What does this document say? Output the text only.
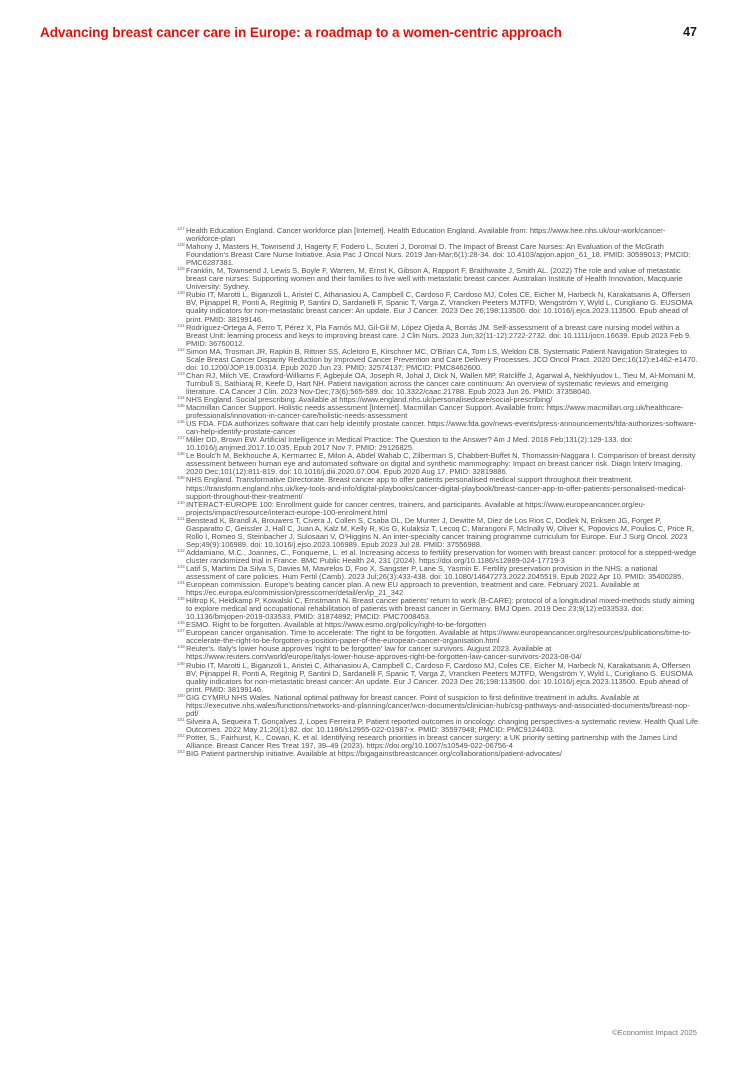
Advancing breast cancer care in Europe: a roadmap to a women-centric approach	47
127 Health Education England. Cancer workforce plan [Internet]. Health Education England. Available from: https://www.hee.nhs.uk/our-work/cancer-workforce-plan
128 Mahony J, Masters H, Townsend J, Hagerty F, Fodero L, Scuteri J, Doromal D. The Impact of Breast Care Nurses: An Evaluation of the McGrath Foundation's Breast Care Nurse Initiative. Asia Pac J Oncol Nurs. 2019 Jan-Mar;6(1):28-34. doi: 10.4103/apjon.apjon_61_18. PMID: 30599013; PMCID: PMC6287381.
129 Franklin, M, Townsend J, Lewis S, Boyle F, Warren, M, Ernst K, Gibson A, Rapport F, Braithwaite J, Smith AL. (2022) The role and value of metastatic breast care nurses: Supporting women and their families to live well with metastatic breast cancer. Australian Institute of Health Innovation, Macquarie University: Sydney.
130 Rubio IT, Marotti L, Biganzoli L, Aristei C, Athanasiou A, Campbell C, Cardoso F, Cardoso MJ, Coles CE, Eicher M, Harbeck N, Karakatsanis A, Offersen BV, Pijnappel R, Ponti A, Regitnig P, Santini D, Sardanelli F, Spanic T, Varga Z, Vrancken Peeters MJTFD, Wengström Y, Wyld L, Curigliano G. EUSOMA quality indicators for non-metastatic breast cancer: An update. Eur J Cancer. 2023 Dec 26;198:113500. doi: 10.1016/j.ejca.2023.113500. Epub ahead of print. PMID: 38199146.
131 Rodríguez-Ortega A, Ferro T, Pérez X, Pla Farnós MJ, Gil-Gil M, López Ojeda A, Borrás JM. Self-assessment of a breast care nursing model within a Breast Unit: learning process and keys to improving breast care. J Clin Nurs. 2023 Jun;32(11-12):2722-2732. doi: 10.1111/jocn.16639. Epub 2023 Feb 9. PMID: 36760012.
132 Simon MA, Trosman JR, Rapkin B, Rittner SS, Acletoro E, Kirschner MC, O'Brian CA, Tom LS, Weldon CB. Systematic Patient Navigation Strategies to Scale Breast Cancer Disparity Reduction by Improved Cancer Prevention and Care Delivery Processes. JCO Oncol Pract. 2020 Dec;16(12):e1462-e1470. doi: 10.1200/JOP.19.00314. Epub 2020 Jun 23. PMID: 32574137; PMCID: PMC8462600.
133 Chan RJ, Milch VE, Crawford-Williams F, Agbejule OA, Joseph R, Johal J, Dick N, Wallen MP, Ratcliffe J, Agarwal A, Nekhlyudov L, Tieu M, Al-Momani M, Turnbull S, Sathiaraj R, Keefe D, Hart NH. Patient navigation across the cancer care continuum: An overview of systematic reviews and emerging literature. CA Cancer J Clin. 2023 Nov-Dec;73(6):565-589. doi: 10.3322/caac.21788. Epub 2023 Jun 26. PMID: 37358040.
134 NHS England. Social prescribing. Available at https://www.england.nhs.uk/personalisedcare/social-prescribing/
135 Macmillan Cancer Support. Holistic needs assessment [Internet]. Macmillan Cancer Support. Available from: https://www.macmillan.org.uk/healthcare-professionals/innovation-in-cancer-care/holistic-needs-assessment
136 US FDA. FDA authorizes software that can help identify prostate cancer. https://www.fda.gov/news-events/press-announcements/fda-authorizes-software-can-help-identify-prostate-cancer
137 Miller DD, Brown EW. Artificial Intelligence in Medical Practice: The Question to the Answer? Am J Med. 2018 Feb;131(2):129-133. doi: 10.1016/j.amjmed.2017.10.035. Epub 2017 Nov 7. PMID: 29126825.
138 Le Boulc'h M, Bekhouche A, Kermarrec E, Milon A, Abdel Wahab C, Zilberman S, Chabbert-Buffet N, Thomassin-Naggara I. Comparison of breast density assessment between human eye and automated software on digital and synthetic mammography: Impact on breast cancer risk. Diagn Interv Imaging. 2020 Dec;101(12):811-819. doi: 10.1016/j.diii.2020.07.004. Epub 2020 Aug 17. PMID: 32819886.
139 NHS England. Transformative Directorate. Breast cancer app to offer patients personalised medical support throughout their treatment. https://transform.england.nhs.uk/key-tools-and-info/digital-playbooks/cancer-digital-playbook/breast-cancer-app-to-offer-patients-personalised-medical-support-throughout-their-treatment/
140 INTERACT-EUROPE 100: Enrollment guide for cancer centres, trainers, and participants. Available at https://www.europeancancer.org/eu-projects/impact/resource/interact-europe-100-enrolment.html
141 Benstead K, Brandl A, Brouwers T, Civera J, Collen S, Csaba DL, De Munter J, Dewitte M, Diez de Los Rios C, Dodlek N, Eriksen JG, Forget P, Gasparatto C, Geissler J, Hall C, Juan A, Kalz M, Kelly R, Kis G, Kulaksiz T, Lecoq C, Marangoni F, McInally W, Oliver K, Popovics M, Poulios C, Price R, Rollo I, Romeo S, Steinbacher J, Sulosaari V, O'Higgins N. An inter-specialty cancer training programme curriculum for Europe. Eur J Surg Oncol. 2023 Sep;49(9):106989. doi: 10.1016/j.ejso.2023.106989. Epub 2023 Jul 28. PMID: 37556988.
142 Addamiano, M.C., Joannes, C., Fonquerne, L. et al. Increasing access to fertility preservation for women with breast cancer: protocol for a stepped-wedge cluster randomized trial in France. BMC Public Health 24, 231 (2024). https://doi.org/10.1186/s12889-024-17719-3
143 Latif S, Martins Da Silva S, Davies M, Mavrelos D, Foo X, Sangster P, Lane S, Yasmin E. Fertility preservation provision in the NHS: a national assessment of care policies. Hum Fertil (Camb). 2023 Jul;26(3):433-438. doi: 10.1080/14647273.2022.2045519. Epub 2022 Apr 10. PMID: 35400285.
144 European commission. Europe's beating cancer plan. A new EU approach to prevention, treatment and care. February 2021. Available at https://ec.europa.eu/commission/presscorner/detail/en/ip_21_342
145 Hiltrop K, Heidkamp P, Kowalski C, Ernstmann N. Breast cancer patients' return to work (B-CARE): protocol of a longitudinal mixed-methods study aiming to explore medical and occupational rehabilitation of patients with breast cancer in Germany. BMJ Open. 2019 Dec 23;9(12):e033533. doi: 10.1136/bmjopen-2019-033533. PMID: 31874892; PMCID: PMC7008453.
146 ESMO. Right to be forgotten. Available at https://www.esmo.org/policy/right-to-be-forgotten
147 European cancer organisation. Time to accelerate: The right to be forgotten. Available at https://www.europeancancer.org/resources/publications/time-to-accelerate-the-right-to-be-forgotten-a-position-paper-of-the-european-cancer-organisation.html
148 Reuter's. Italy's lower house approves 'right to be forgotten' law for cancer survivors. August 2023. Available at https://www.reuters.com/world/europe/italys-lower-house-approves-right-be-forgotten-law-cancer-survivors-2023-08-04/
149 Rubio IT, Marotti L, Biganzoli L, Aristei C, Athanasiou A, Campbell C, Cardoso F, Cardoso MJ, Coles CE, Eicher M, Harbeck N, Karakatsanis A, Offersen BV, Pijnappel R, Ponti A, Regitnig P, Santini D, Sardanelli F, Spanic T, Varga Z, Vrancken Peeters MJTFD, Wengström Y, Wyld L, Curigliano G. EUSOMA quality indicators for non-metastatic breast cancer: An update. Eur J Cancer. 2023 Dec 26;198:113500. doi: 10.1016/j.ejca.2023.113500. Epub ahead of print. PMID: 38199146.
150 GIG CYMRU NHS Wales. National optimal pathway for breast cancer. Point of suspicion to first definitive treatment in adults. Available at https://executive.nhs.wales/functions/networks-and-planning/cancer/wcn-documents/clinician-hub/csg-pathways-and-associated-documents/breast-nop-pdf/
151 Silveira A, Sequeira T, Gonçalves J, Lopes Ferreira P. Patient reported outcomes in oncology: changing perspectives-a systematic review. Health Qual Life Outcomes. 2022 May 21;20(1):82. doi: 10.1186/s12955-022-01987-x. PMID: 35597948; PMCID: PMC9124403.
152 Potter, S., Fairhurst, K., Cowan, K. et al. Identifying research priorities in breast cancer surgery: a UK priority setting partnership with the James Lind Alliance. Breast Cancer Res Treat 197, 39–49 (2023). https://doi.org/10.1007/s10549-022-06756-4
153 BIG Patient partnership initiative. Available at https://bigagainstbreastcancer.org/collaborations/patient-advocates/
©Economist Impact 2025
